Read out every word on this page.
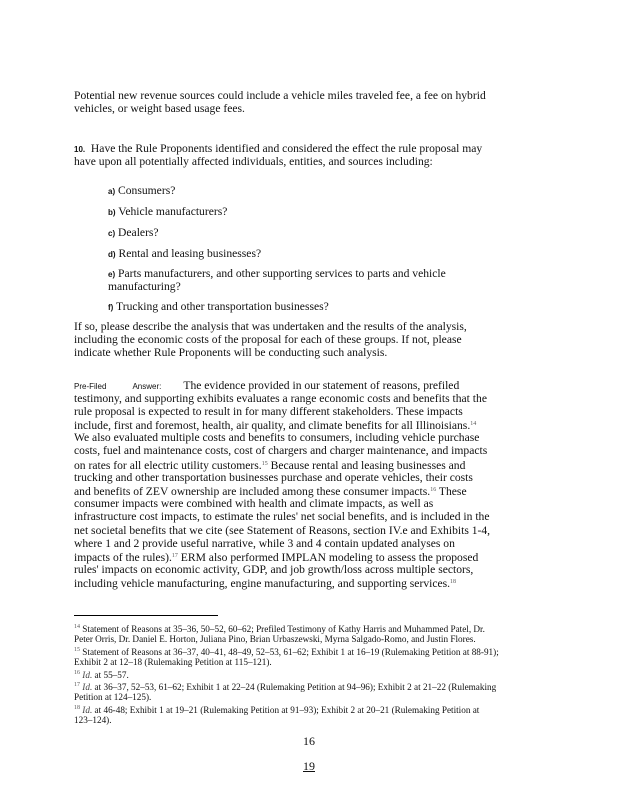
Potential new revenue sources could include a vehicle miles traveled fee, a fee on hybrid
vehicles, or weight based usage fees.
10. Have the Rule Proponents identified and considered the effect the rule proposal may
have upon all potentially affected individuals, entities, and sources including:
a) Consumers?
b) Vehicle manufacturers?
c) Dealers?
d) Rental and leasing businesses?
e) Parts manufacturers, and other supporting services to parts and vehicle
manufacturing?
f) Trucking and other transportation businesses?
If so, please describe the analysis that was undertaken and the results of the analysis,
including the economic costs of the proposal for each of these groups. If not, please
indicate whether Rule Proponents will be conducting such analysis.
Pre-Filed	Answer: The evidence provided in our statement of reasons, prefiled
testimony, and supporting exhibits evaluates a range economic costs and benefits that the
rule proposal is expected to result in for many different stakeholders. These impacts
include, first and foremost, health, air quality, and climate benefits for all Illinoisians.$^{14}$
We also evaluated multiple costs and benefits to consumers, including vehicle purchase
costs, fuel and maintenance costs, cost of chargers and charger maintenance, and impacts
on rates for all electric utility customers.$^{15}$ Because rental and leasing businesses and
trucking and other transportation businesses purchase and operate vehicles, their costs
and benefits of ZEV ownership are included among these consumer impacts.$^{16}$ These
consumer impacts were combined with health and climate impacts, as well as
infrastructure cost impacts, to estimate the rules' net social benefits, and is included in the
net societal benefits that we cite (see Statement of Reasons, section IV.e and Exhibits 1-4,
where 1 and 2 provide useful narrative, while 3 and 4 contain updated analyses on
impacts of the rules).$^{17}$ ERM also performed IMPLAN modeling to assess the proposed
rules' impacts on economic activity, GDP, and job growth/loss across multiple sectors,
including vehicle manufacturing, engine manufacturing, and supporting services.$^{18}$
$^{14}$ Statement of Reasons at 35–36, 50–52, 60–62; Prefiled Testimony of Kathy Harris and Muhammed Patel, Dr.
Peter Orris, Dr. Daniel E. Horton, Juliana Pino, Brian Urbaszewski, Myrna Salgado-Romo, and Justin Flores.
$^{15}$ Statement of Reasons at 36–37, 40–41, 48–49, 52–53, 61–62; Exhibit 1 at 16–19 (Rulemaking Petition at 88-91);
Exhibit 2 at 12–18 (Rulemaking Petition at 115–121).
$^{16}$ Id. at 55–57.
$^{17}$ Id. at 36–37, 52–53, 61–62; Exhibit 1 at 22–24 (Rulemaking Petition at 94–96); Exhibit 2 at 21–22 (Rulemaking
Petition at 124–125).
$^{18}$ Id. at 46-48; Exhibit 1 at 19–21 (Rulemaking Petition at 91–93); Exhibit 2 at 20–21 (Rulemaking Petition at
123–124).
16
19
